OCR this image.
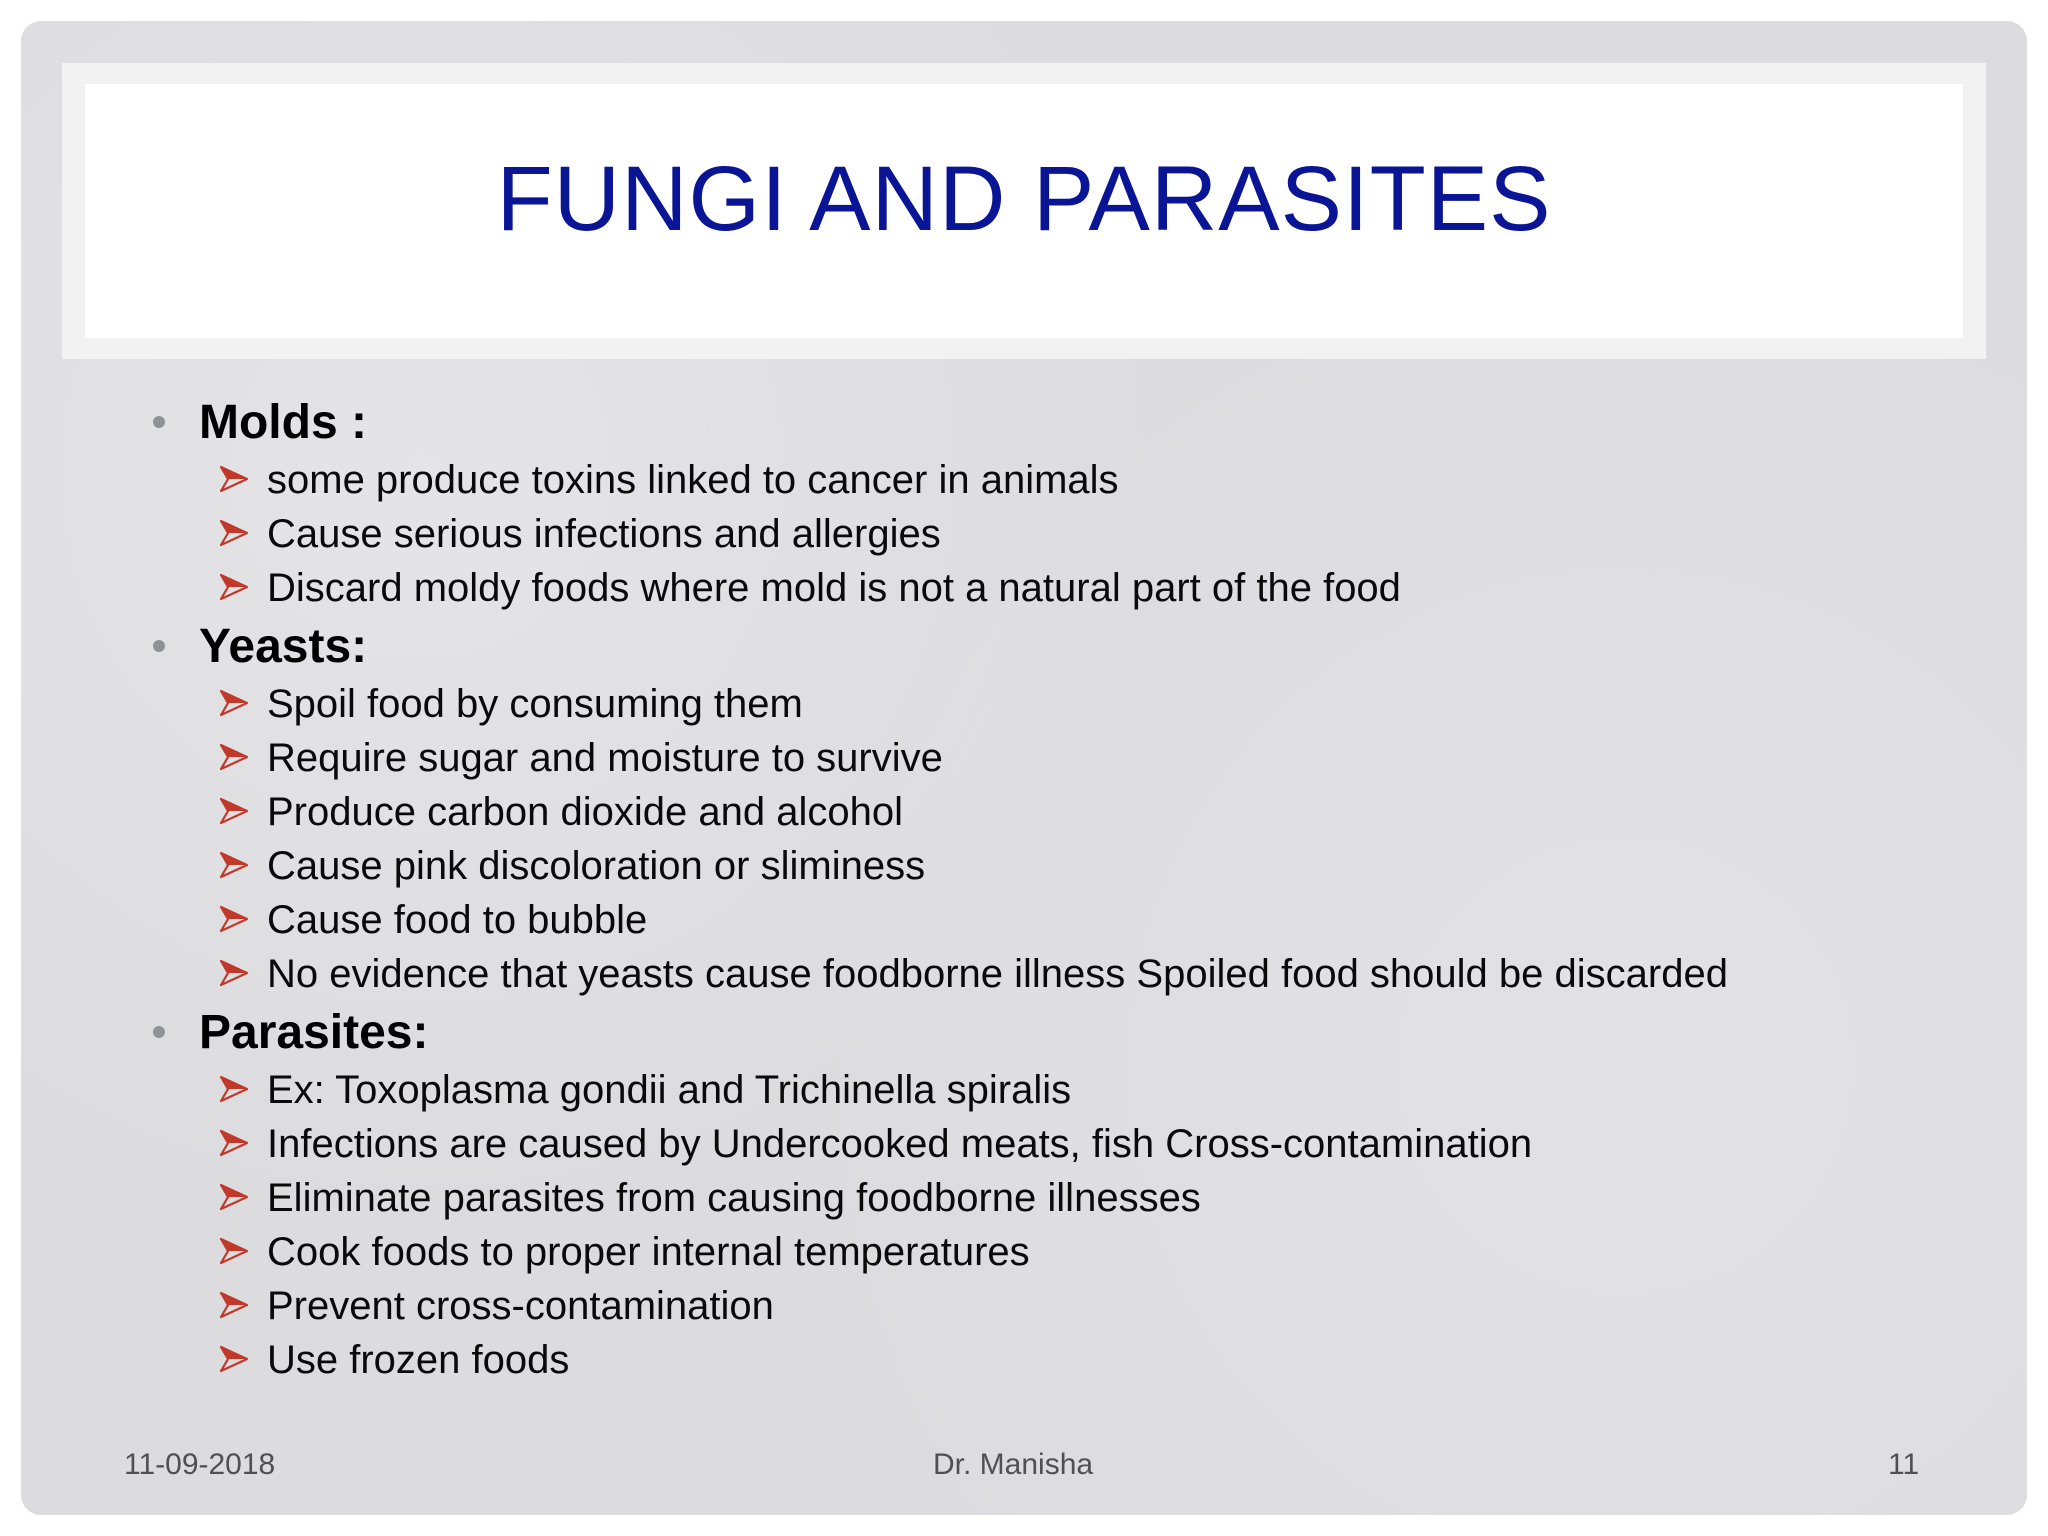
FUNGI AND PARASITES
Molds :
some produce toxins linked to cancer in animals
Cause serious infections and allergies
Discard moldy foods where mold is not a natural part of the food
Yeasts:
Spoil food by consuming them
Require sugar and moisture to survive
Produce carbon dioxide and alcohol
Cause pink discoloration or sliminess
Cause food to bubble
No evidence that yeasts cause foodborne illness Spoiled food should be discarded
Parasites:
Ex: Toxoplasma gondii and Trichinella spiralis
Infections are caused by Undercooked meats, fish Cross-contamination
Eliminate parasites from causing foodborne illnesses
Cook foods to proper internal temperatures
Prevent cross-contamination
Use frozen foods
11-09-2018	Dr. Manisha	11
